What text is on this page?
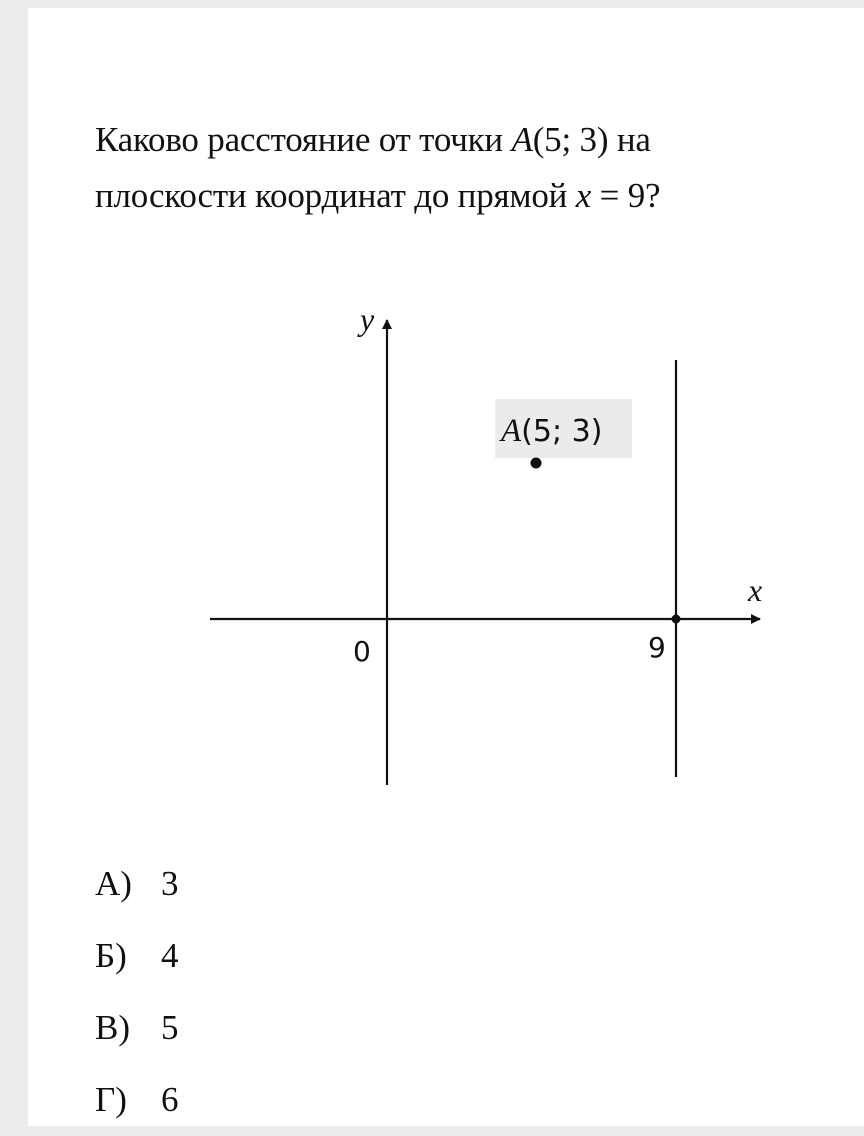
Каково расстояние от точки A(5; 3) на
плоскости координат до прямой x = 9?
y
x
0	9
A(5; 3)
А) 3
Б) 4
В) 5
Г) 6
